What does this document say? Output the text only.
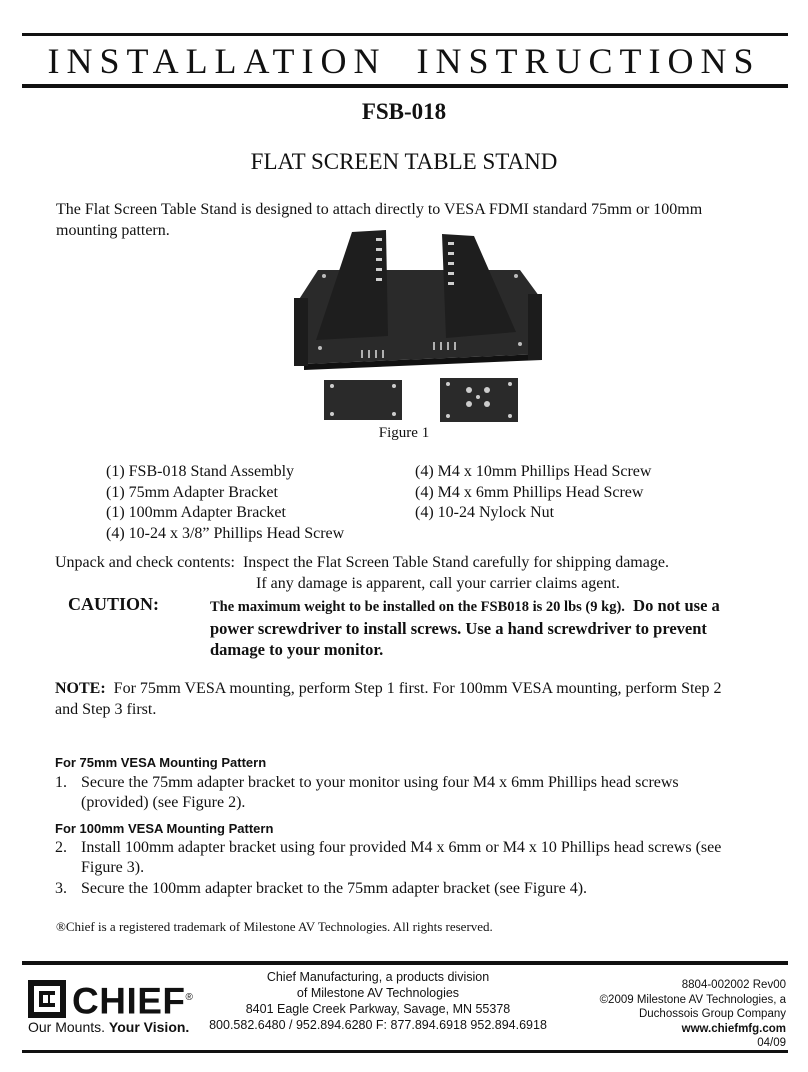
INSTALLATION INSTRUCTIONS
FSB-018
FLAT SCREEN TABLE STAND
The Flat Screen Table Stand is designed to attach directly to VESA FDMI standard 75mm or 100mm mounting pattern.
Figure 1
(1) FSB-018 Stand Assembly
(1) 75mm Adapter Bracket
(1) 100mm Adapter Bracket
(4) 10-24 x 3/8” Phillips Head Screw
(4) M4 x 10mm Phillips Head Screw
(4) M4 x 6mm Phillips Head Screw
(4) 10-24 Nylock Nut
Unpack and check contents: Inspect the Flat Screen Table Stand carefully for shipping damage.
If any damage is apparent, call your carrier claims agent.
CAUTION:	The maximum weight to be installed on the FSB018 is 20 lbs (9 kg). Do not use a power screwdriver to install screws. Use a hand screwdriver to prevent damage to your monitor.
NOTE: For 75mm VESA mounting, perform Step 1 first. For 100mm VESA mounting, perform Step 2 and Step 3 first.
For 75mm VESA Mounting Pattern
1. Secure the 75mm adapter bracket to your monitor using four M4 x 6mm Phillips head screws (provided) (see Figure 2).
For 100mm VESA Mounting Pattern
2. Install 100mm adapter bracket using four provided M4 x 6mm or M4 x 10 Phillips head screws (see Figure 3).
3. Secure the 100mm adapter bracket to the 75mm adapter bracket (see Figure 4).
®Chief is a registered trademark of Milestone AV Technologies. All rights reserved.
CHIEF®
Our Mounts. Your Vision.
Chief Manufacturing, a products division
of Milestone AV Technologies
8401 Eagle Creek Parkway, Savage, MN 55378
800.582.6480 / 952.894.6280 F: 877.894.6918 952.894.6918
8804-002002 Rev00
©2009 Milestone AV Technologies, a
Duchossois Group Company
www.chiefmfg.com
04/09
